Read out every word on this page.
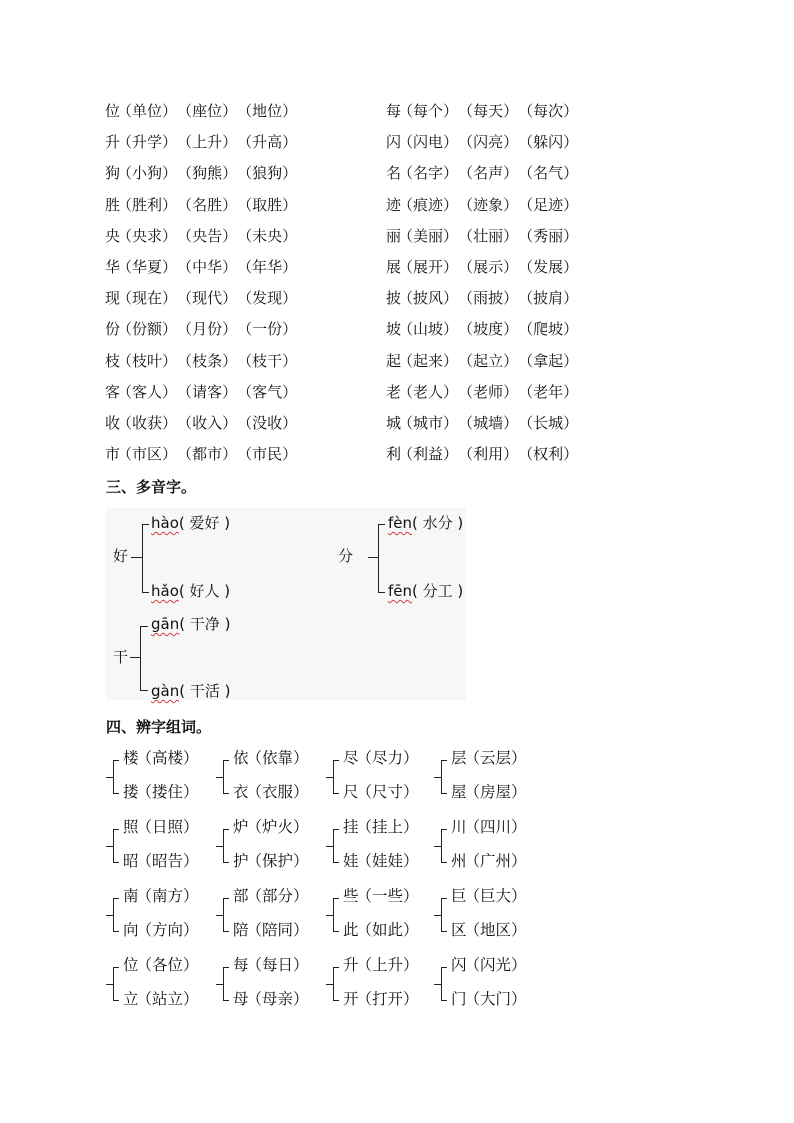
位 （ 单位 ） （ 座位 ） （ 地位 ）
升 （ 升学 ） （ 上升 ） （ 升高 ）
狗 （ 小狗 ） （ 狗熊 ） （ 狼狗 ）
胜 （ 胜利 ） （ 名胜 ） （ 取胜 ）
央 （ 央求 ） （ 央告 ） （ 未央 ）
华 （ 华夏 ） （ 中华 ） （ 年华 ）
现 （ 现在 ） （ 现代 ） （ 发现 ）
份 （ 份额 ） （ 月份 ） （ 一份 ）
枝 （ 枝叶 ） （ 枝条 ） （ 枝干 ）
客 （ 客人 ） （ 请客 ） （ 客气 ）
收 （ 收获 ） （ 收入 ） （ 没收 ）
市 （ 市区 ） （ 都市 ） （ 市民 ）
每 （ 每个 ） （ 每天 ） （ 每次 ）
闪 （ 闪电 ） （ 闪亮 ） （ 躲闪 ）
名 （ 名字 ） （ 名声 ） （ 名气 ）
迹 （ 痕迹 ） （ 迹象 ） （ 足迹 ）
丽 （ 美丽 ） （ 壮丽 ） （ 秀丽 ）
展 （ 展开 ） （ 展示 ） （ 发展 ）
披 （ 披风 ） （ 雨披 ） （ 披肩 ）
坡 （ 山坡 ） （ 坡度 ） （ 爬坡 ）
起 （ 起来 ） （ 起立 ） （ 拿起 ）
老 （ 老人 ） （ 老师 ） （ 老年 ）
城 （ 城市 ） （ 城墙 ） （ 长城 ）
利 （ 利益 ） （ 利用 ） （ 权利 ）
三、多音字。
好
hào( 爱好 )
hǎo( 好人 )
分
fèn( 水分 )
fēn( 分工 )
干
gān( 干净 )
gàn( 干活 )
四、辨字组词。
楼 （ 高楼 ）
搂 （ 搂住 ）
依 （ 依靠 ）
衣 （ 衣服 ）
尽 （ 尽力 ）
尺 （ 尺寸 ）
层 （ 云层 ）
屋 （ 房屋 ）
照 （ 日照 ）
昭 （ 昭告 ）
炉 （ 炉火 ）
护 （ 保护 ）
挂 （ 挂上 ）
娃 （ 娃娃 ）
川 （ 四川 ）
州 （ 广州 ）
南 （ 南方 ）
向 （ 方向 ）
部 （ 部分 ）
陪 （ 陪同 ）
些 （ 一些 ）
此 （ 如此 ）
巨 （ 巨大 ）
区 （ 地区 ）
位 （ 各位 ）
立 （ 站立 ）
每 （ 每日 ）
母 （ 母亲 ）
升 （ 上升 ）
开 （ 打开 ）
闪 （ 闪光 ）
门 （ 大门 ）
